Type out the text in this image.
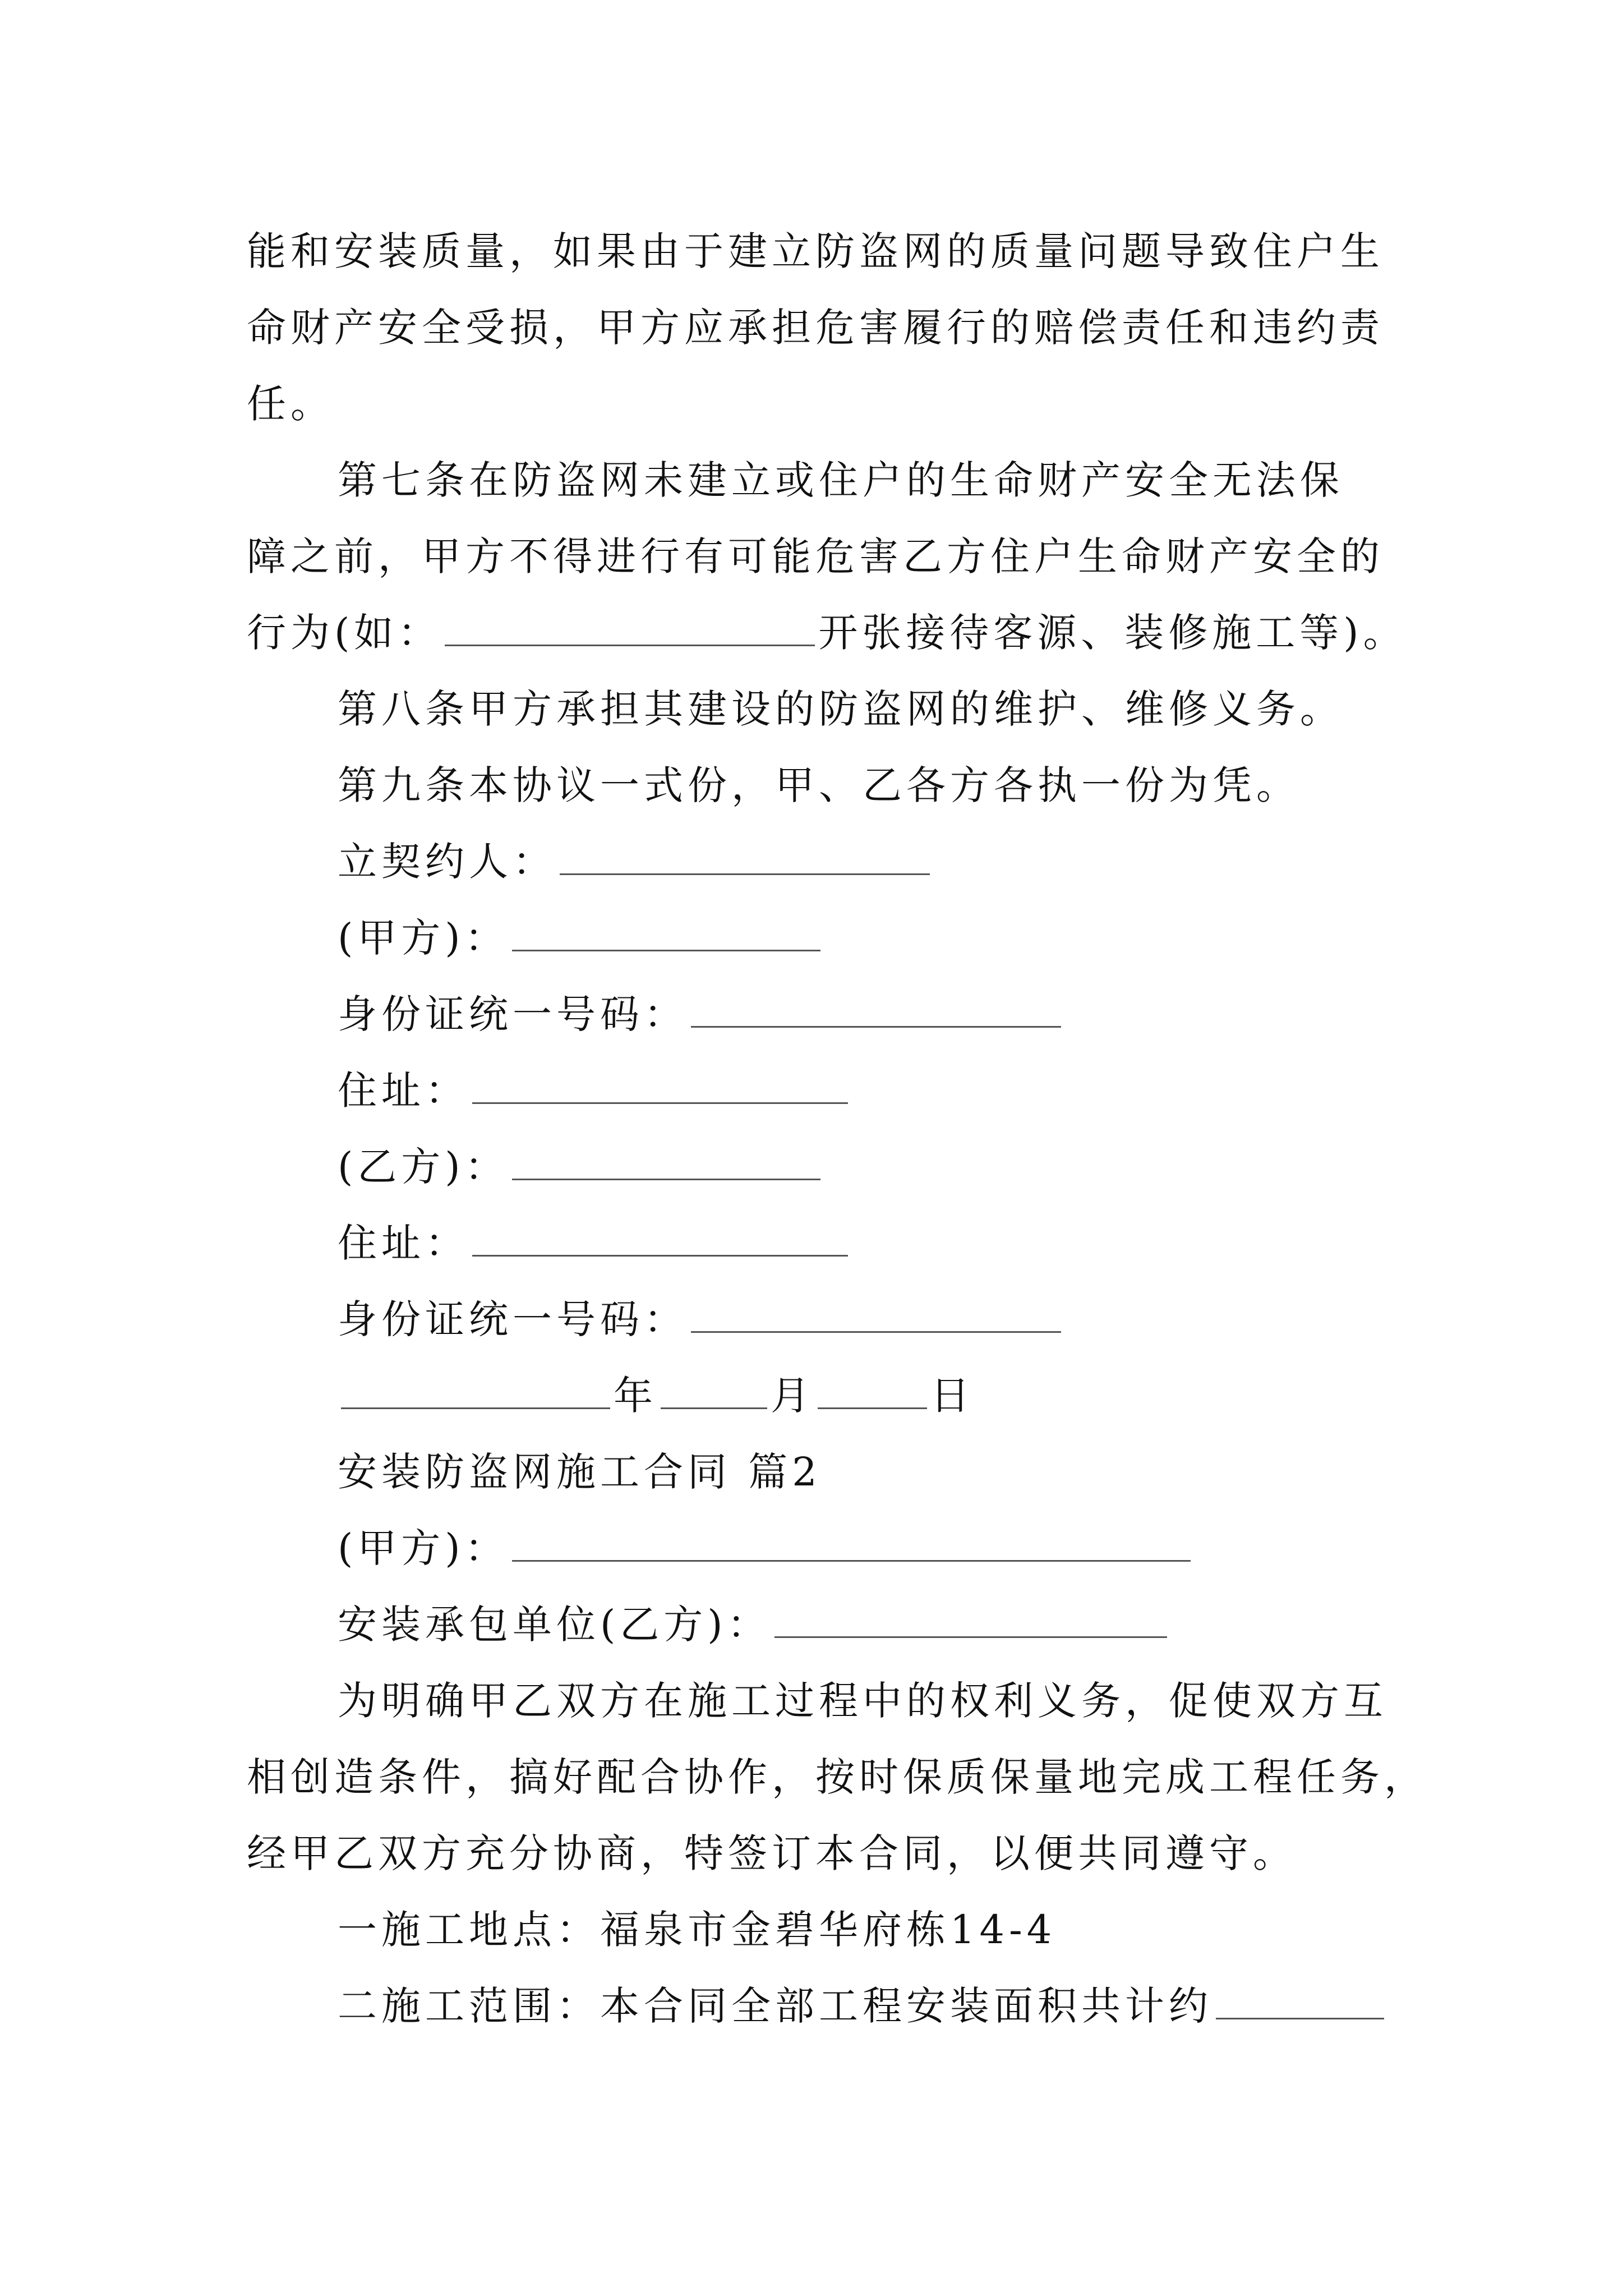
能和安装质量，如果由于建立防盗网的质量问题导致住户生
命财产安全受损，甲方应承担危害履行的赔偿责任和违约责
任。
第七条在防盗网未建立或住户的生命财产安全无法保
障之前，甲方不得进行有可能危害乙方住户生命财产安全的
行为(如：	开张接待客源、装修施工等)。
第八条甲方承担其建设的防盗网的维护、维修义务。
第九条本协议一式份，甲、乙各方各执一份为凭。
立契约人：
(甲方)：
身份证统一号码：
住址：
(乙方)：
住址：
身份证统一号码：
年	月	日
安装防盗网施工合同 篇2
(甲方)：
安装承包单位(乙方)：
为明确甲乙双方在施工过程中的权利义务，促使双方互
相创造条件，搞好配合协作，按时保质保量地完成工程任务，
经甲乙双方充分协商，特签订本合同，以便共同遵守。
一施工地点：福泉市金碧华府栋14-4
二施工范围：本合同全部工程安装面积共计约
